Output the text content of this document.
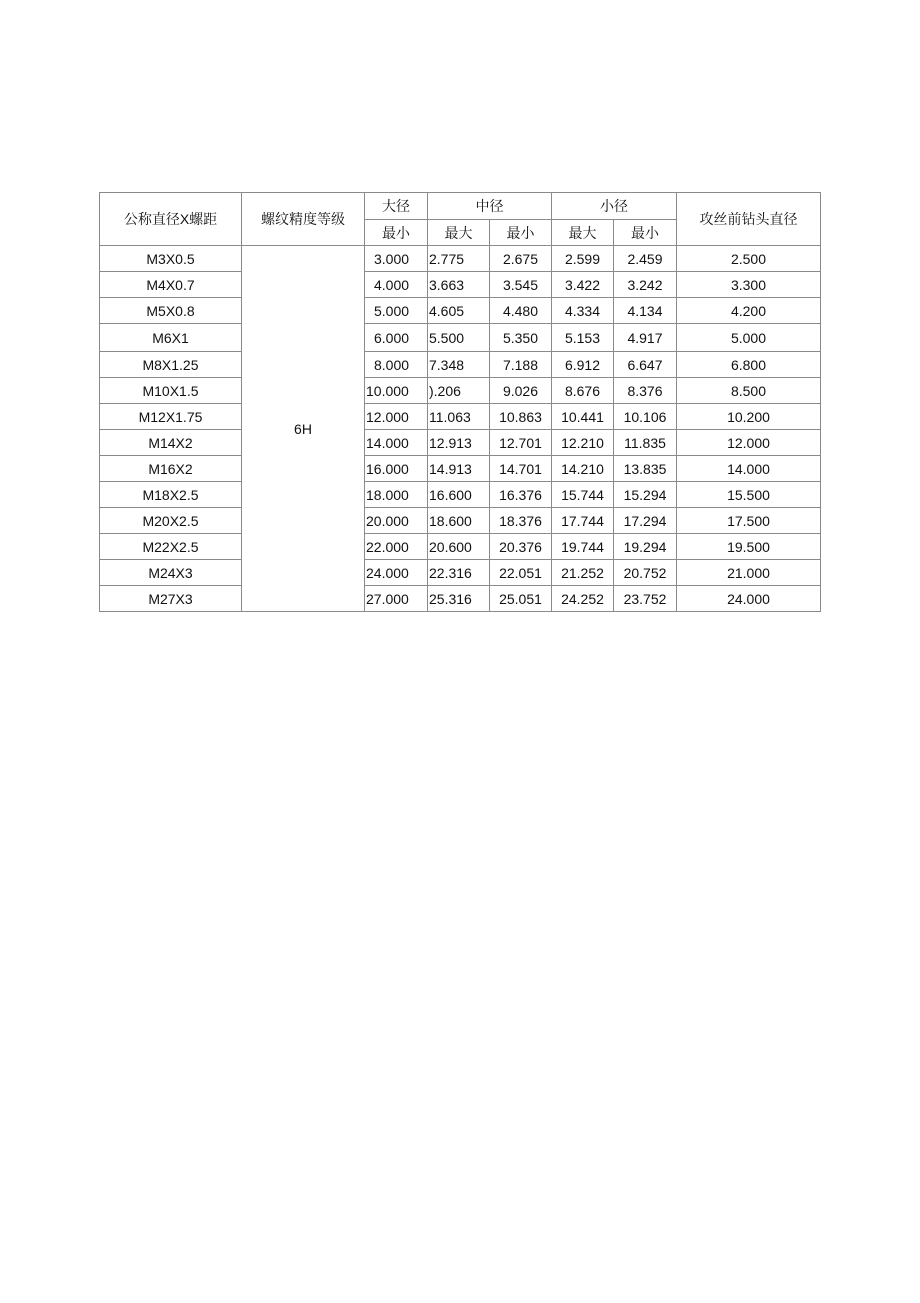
公称直径X螺距	螺纹精度等级	大径	中径		小径		攻丝前钻头直径
		最小	最大	最小	最大	最小	
M3X0.5	6H	3.000	2.775	2.675	2.599	2.459	2.500
M4X0.7		4.000	3.663	3.545	3.422	3.242	3.300
M5X0.8		5.000	4.605	4.480	4.334	4.134	4.200
M6X1		6.000	5.500	5.350	5.153	4.917	5.000
M8X1.25		8.000	7.348	7.188	6.912	6.647	6.800
M10X1.5		10.000	).206	9.026	8.676	8.376	8.500
M12X1.75		12.000	11.063	10.863	10.441	10.106	10.200
M14X2		14.000	12.913	12.701	12.210	11.835	12.000
M16X2		16.000	14.913	14.701	14.210	13.835	14.000
M18X2.5		18.000	16.600	16.376	15.744	15.294	15.500
M20X2.5		20.000	18.600	18.376	17.744	17.294	17.500
M22X2.5		22.000	20.600	20.376	19.744	19.294	19.500
M24X3		24.000	22.316	22.051	21.252	20.752	21.000
M27X3		27.000	25.316	25.051	24.252	23.752	24.000
